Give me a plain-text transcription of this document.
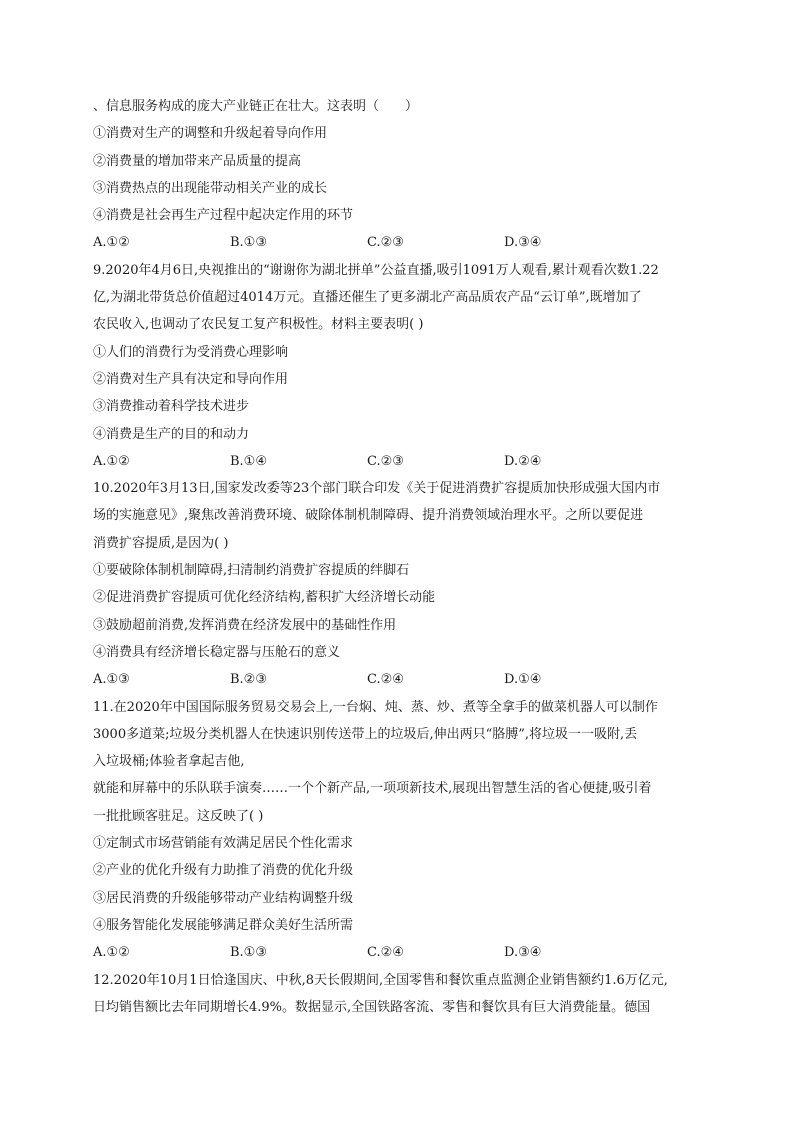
、信息服务构成的庞大产业链正在壮大。这表明（　　）
①消费对生产的调整和升级起着导向作用
②消费量的增加带来产品质量的提高
③消费热点的出现能带动相关产业的成长
④消费是社会再生产过程中起决定作用的环节
A.①②	B.①③	C.②③	D.③④
9.2020年4月6日,央视推出的“谢谢你为湖北拼单”公益直播,吸引1091万人观看,累计观看次数1.22
亿,为湖北带货总价值超过4014万元。直播还催生了更多湖北产高品质农产品“云订单”,既增加了
农民收入,也调动了农民复工复产积极性。材料主要表明( )
①人们的消费行为受消费心理影响
②消费对生产具有决定和导向作用
③消费推动着科学技术进步
④消费是生产的目的和动力
A.①②	B.①④	C.②③	D.②④
10.2020年3月13日,国家发改委等23个部门联合印发《关于促进消费扩容提质加快形成强大国内市
场的实施意见》,聚焦改善消费环境、破除体制机制障碍、提升消费领域治理水平。之所以要促进
消费扩容提质,是因为( )
①要破除体制机制障碍,扫清制约消费扩容提质的绊脚石
②促进消费扩容提质可优化经济结构,蓄积扩大经济增长动能
③鼓励超前消费,发挥消费在经济发展中的基础性作用
④消费具有经济增长稳定器与压舱石的意义
A.①③	B.②③	C.②④	D.①④
11.在2020年中国国际服务贸易交易会上,一台焖、炖、蒸、炒、煮等全拿手的做菜机器人可以制作
3000多道菜;垃圾分类机器人在快速识别传送带上的垃圾后,伸出两只“胳膊”,将垃圾一一吸附,丢
入垃圾桶;体验者拿起吉他,
就能和屏幕中的乐队联手演奏……一个个新产品,一项项新技术,展现出智慧生活的省心便捷,吸引着
一批批顾客驻足。这反映了( )
①定制式市场营销能有效满足居民个性化需求
②产业的优化升级有力助推了消费的优化升级
③居民消费的升级能够带动产业结构调整升级
④服务智能化发展能够满足群众美好生活所需
A.①②	B.①③	C.②④	D.③④
12.2020年10月1日恰逢国庆、中秋,8天长假期间,全国零售和餐饮重点监测企业销售额约1.6万亿元,
日均销售额比去年同期增长4.9%。数据显示,全国铁路客流、零售和餐饮具有巨大消费能量。德国
